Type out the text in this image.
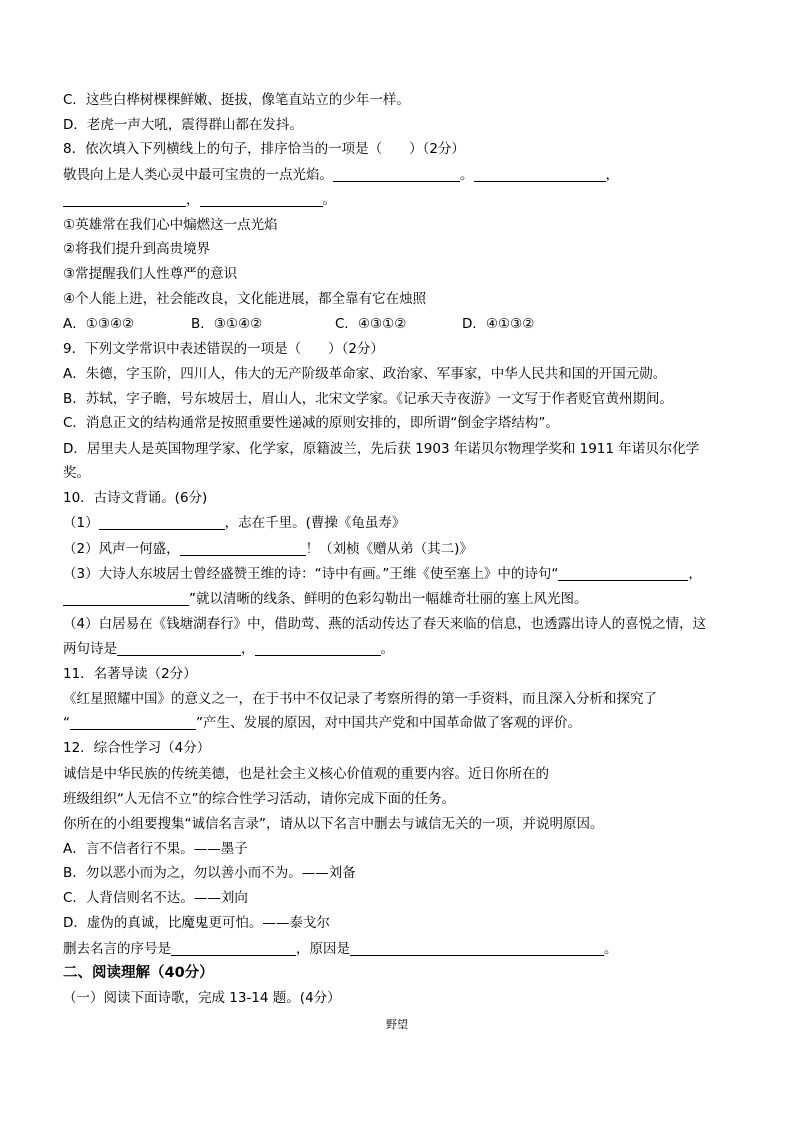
C．这些白桦树棵棵鲜嫩、挺拔，像笔直站立的少年一样。
D．老虎一声大吼，震得群山都在发抖。
8．依次填入下列横线上的句子，排序恰当的一项是（　　）（2分）
敬畏向上是人类心灵中最可宝贵的一点光焰。	。	，
，	。
①英雄常在我们心中煽燃这一点光焰
②将我们提升到高贵境界
③常提醒我们人性尊严的意识
④个人能上进，社会能改良，文化能进展，都全靠有它在烛照
A．①③④②	B．③①④②	C．④③①②	D．④①③②
9．下列文学常识中表述错误的一项是（　　）（2分）
A．朱德，字玉阶，四川人，伟大的无产阶级革命家、政治家、军事家，中华人民共和国的开国元勋。
B．苏轼，字子瞻，号东坡居士，眉山人，北宋文学家。《记承天寺夜游》一文写于作者贬官黄州期间。
C．消息正文的结构通常是按照重要性递减的原则安排的，即所谓“倒金字塔结构”。
D．居里夫人是英国物理学家、化学家，原籍波兰，先后获 1903 年诺贝尔物理学奖和 1911 年诺贝尔化学
奖。
10．古诗文背诵。(6分)
（1）	，志在千里。(曹操《龟虽寿》
（2）风声一何盛，	！（刘桢《赠从弟（其二)》
（3）大诗人东坡居士曾经盛赞王维的诗：“诗中有画。”王维《使至塞上》中的诗句“	，
”就以清晰的线条、鲜明的色彩勾勒出一幅雄奇壮丽的塞上风光图。
（4）白居易在《钱塘湖春行》中，借助莺、燕的活动传达了春天来临的信息，也透露出诗人的喜悦之情，这
两句诗是	，	。
11．名著导读（2分）
《红星照耀中国》的意义之一，在于书中不仅记录了考察所得的第一手资料，而且深入分析和探究了
“	”产生、发展的原因，对中国共产党和中国革命做了客观的评价。
12．综合性学习（4分）
诚信是中华民族的传统美德，也是社会主义核心价值观的重要内容。近日你所在的
班级组织“人无信不立”的综合性学习活动，请你完成下面的任务。
你所在的小组要搜集“诚信名言录”，请从以下名言中删去与诚信无关的一项，并说明原因。
A．言不信者行不果。——墨子
B．勿以恶小而为之，勿以善小而不为。——刘备
C．人背信则名不达。——刘向
D．虚伪的真诚，比魔鬼更可怕。——泰戈尔
删去名言的序号是	，原因是	。
二、阅读理解（40分）
（一）阅读下面诗歌，完成 13-14 题。(4分）
野望
